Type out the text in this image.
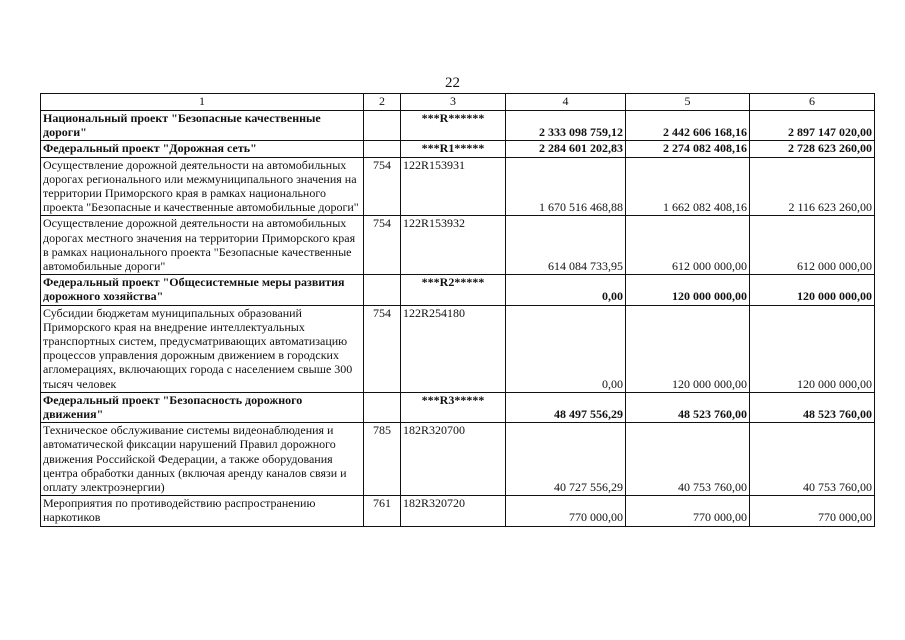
22
1	2	3	4	5	6
Национальный проект "Безопасные качественные дороги"		***R******	2 333 098 759,12	2 442 606 168,16	2 897 147 020,00
Федеральный проект "Дорожная сеть"		***R1*****	2 284 601 202,83	2 274 082 408,16	2 728 623 260,00
Осуществление дорожной деятельности на автомобильных дорогах регионального или межмуниципального значения на территории Приморского края в рамках национального проекта "Безопасные и качественные автомобильные дороги"	754	122R153931	1 670 516 468,88	1 662 082 408,16	2 116 623 260,00
Осуществление дорожной деятельности на автомобильных дорогах местного значения на территории Приморского края в рамках национального проекта "Безопасные качественные автомобильные дороги"	754	122R153932	614 084 733,95	612 000 000,00	612 000 000,00
Федеральный проект "Общесистемные меры развития дорожного хозяйства"		***R2*****	0,00	120 000 000,00	120 000 000,00
Субсидии бюджетам муниципальных образований Приморского края на внедрение интеллектуальных транспортных систем, предусматривающих автоматизацию процессов управления дорожным движением в городских агломерациях, включающих города с населением свыше 300 тысяч человек	754	122R254180	0,00	120 000 000,00	120 000 000,00
Федеральный проект "Безопасность дорожного движения"		***R3*****	48 497 556,29	48 523 760,00	48 523 760,00
Техническое обслуживание системы видеонаблюдения и автоматической фиксации нарушений Правил дорожного движения Российской Федерации, а также оборудования центра обработки данных (включая аренду каналов связи и оплату электроэнергии)	785	182R320700	40 727 556,29	40 753 760,00	40 753 760,00
Мероприятия по противодействию распространению наркотиков	761	182R320720	770 000,00	770 000,00	770 000,00
